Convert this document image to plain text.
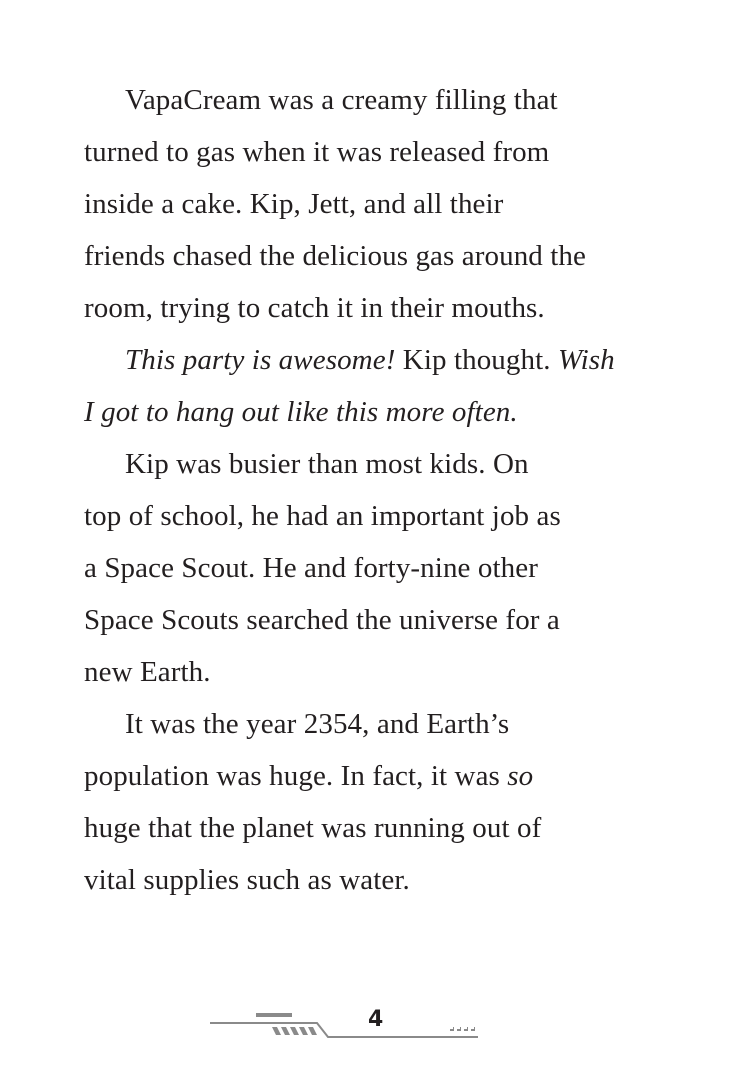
VapaCream was a creamy filling that
turned to gas when it was released from
inside a cake. Kip, Jett, and all their
friends chased the delicious gas around the
room, trying to catch it in their mouths.
This party is awesome! Kip thought. Wish
I got to hang out like this more often.
Kip was busier than most kids. On
top of school, he had an important job as
a Space Scout. He and forty-nine other
Space Scouts searched the universe for a
new Earth.
It was the year 2354, and Earth’s
population was huge. In fact, it was so
huge that the planet was running out of
vital supplies such as water.
4
